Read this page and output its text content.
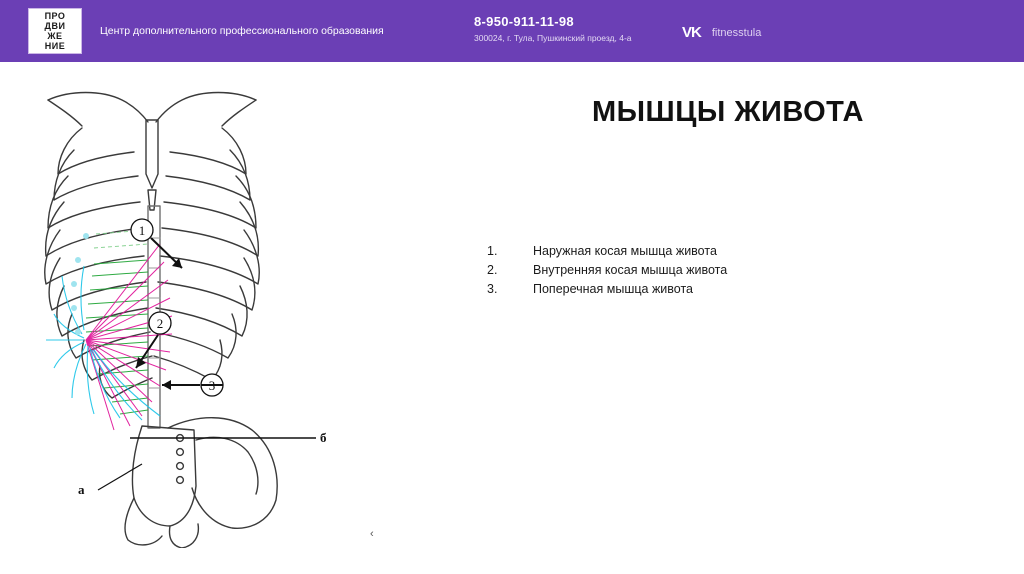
ПРО
ДВИ
ЖЕ
НИЕ
Центр дополнительного профессионального образования
8-950-911-11-98
300024, г. Тула, Пушкинский проезд, 4-а	VK fitnesstula
МЫШЦЫ ЖИВОТА
1.	Наружная косая мышца живота
2.	Внутренняя косая мышца живота
3.	Поперечная мышца живота
1
2
3
а
б
‹
